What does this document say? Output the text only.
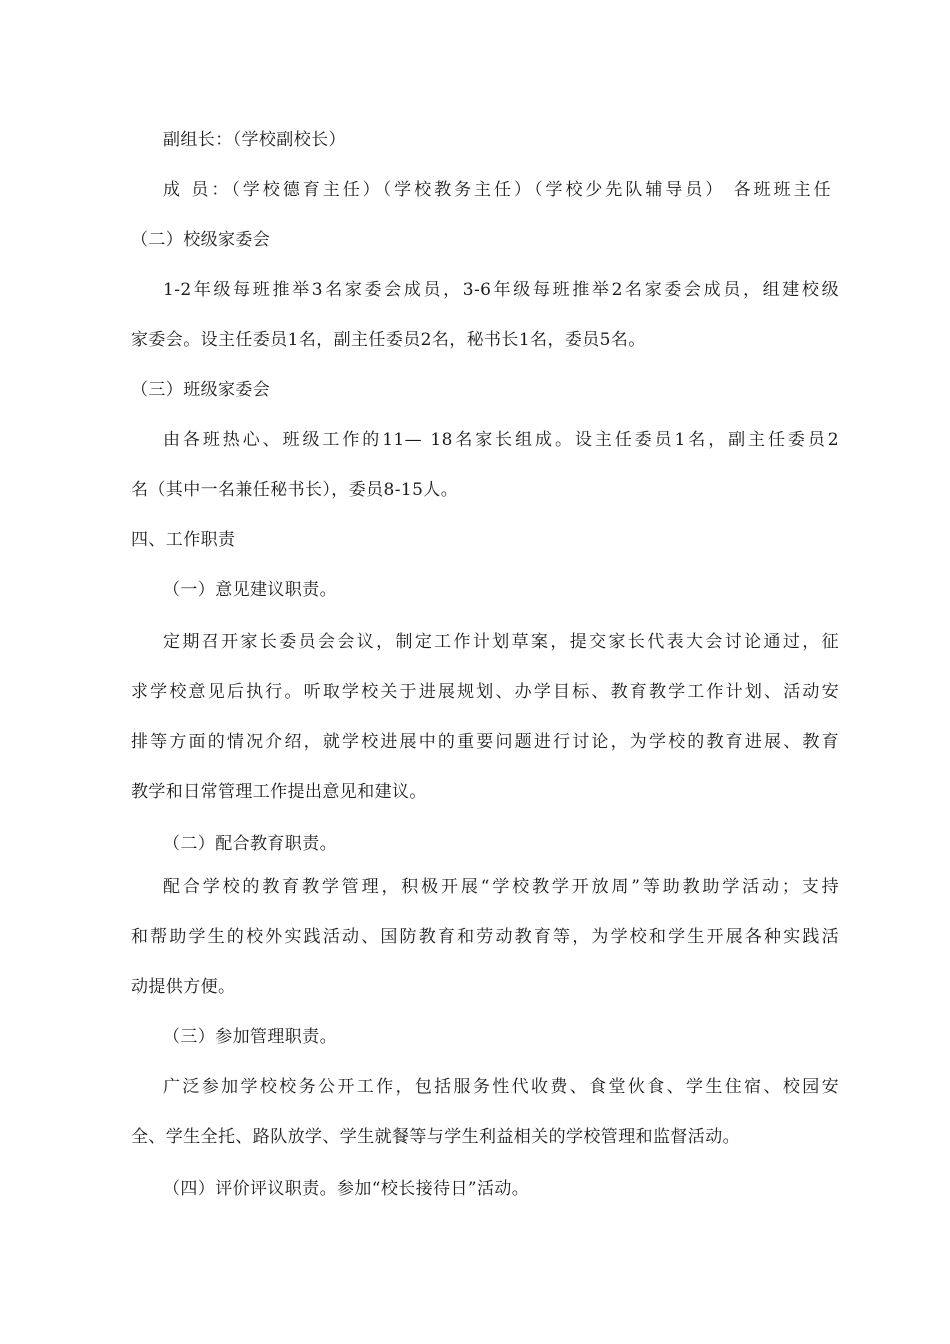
副组长：（学校副校长）
成 员：（学校德育主任）（学校教务主任）（学校少先队辅导员） 各班班主任
（二）校级家委会
1-2年级每班推举3名家委会成员，3-6年级每班推举2名家委会成员，组建校级
家委会。设主任委员1名，副主任委员2名，秘书长1名，委员5名。
（三）班级家委会
由各班热心、班级工作的11— 18名家长组成。设主任委员1名，副主任委员2
名（其中一名兼任秘书长），委员8-15人。
四、工作职责
（一）意见建议职责。
定期召开家长委员会会议，制定工作计划草案，提交家长代表大会讨论通过，征
求学校意见后执行。听取学校关于进展规划、办学目标、教育教学工作计划、活动安
排等方面的情况介绍，就学校进展中的重要问题进行讨论，为学校的教育进展、教育
教学和日常管理工作提出意见和建议。
（二）配合教育职责。
配合学校的教育教学管理，积极开展“学校教学开放周”等助教助学活动；支持
和帮助学生的校外实践活动、国防教育和劳动教育等，为学校和学生开展各种实践活
动提供方便。
（三）参加管理职责。
广泛参加学校校务公开工作，包括服务性代收费、食堂伙食、学生住宿、校园安
全、学生全托、路队放学、学生就餐等与学生利益相关的学校管理和监督活动。
（四）评价评议职责。参加“校长接待日”活动。
